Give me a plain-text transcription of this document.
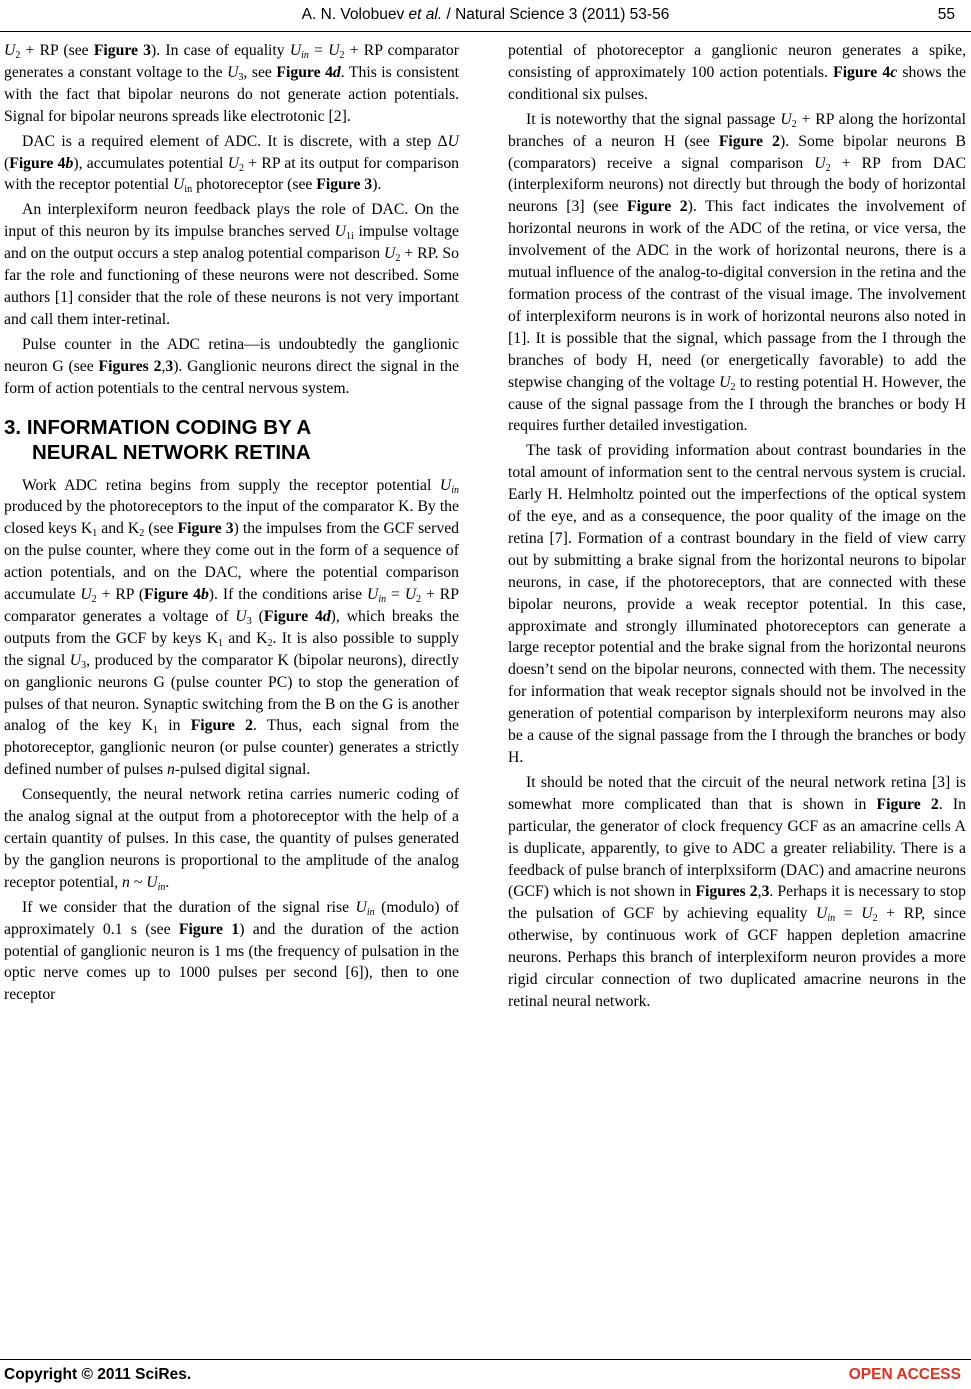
A. N. Volobuev et al. / Natural Science 3 (2011) 53-56	55

$U_2$ + RP (see Figure 3). In case of equality $U_{in} = U_2$ + RP comparator generates a constant voltage to the $U_3$, see Figure 4d. This is consistent with the fact that bipolar neurons do not generate action potentials. Signal for bipolar neurons spreads like electrotonic [2].

DAC is a required element of ADC. It is discrete, with a step ΔU (Figure 4b), accumulates potential $U_2$ + RP at its output for comparison with the receptor potential $U_{in}$ photoreceptor (see Figure 3).

An interplexiform neuron feedback plays the role of DAC. On the input of this neuron by its impulse branches served $U_{1i}$ impulse voltage and on the output occurs a step analog potential comparison $U_2$ + RP. So far the role and functioning of these neurons were not described. Some authors [1] consider that the role of these neurons is not very important and call them inter-retinal.

Pulse counter in the ADC retina—is undoubtedly the ganglionic neuron G (see Figures 2,3). Ganglionic neurons direct the signal in the form of action potentials to the central nervous system.

3. INFORMATION CODING BY A
NEURAL NETWORK RETINA

Work ADC retina begins from supply the receptor potential $U_{in}$ produced by the photoreceptors to the input of the comparator K. By the closed keys $K_1$ and $K_2$ (see Figure 3) the impulses from the GCF served on the pulse counter, where they come out in the form of a sequence of action potentials, and on the DAC, where the potential comparison accumulate $U_2$ + RP (Figure 4b). If the conditions arise $U_{in} = U_2$ + RP comparator generates a voltage of $U_3$ (Figure 4d), which breaks the outputs from the GCF by keys $K_1$ and $K_2$. It is also possible to supply the signal $U_3$, produced by the comparator K (bipolar neurons), directly on ganglionic neurons G (pulse counter PC) to stop the generation of pulses of that neuron. Synaptic switching from the B on the G is another analog of the key $K_1$ in Figure 2. Thus, each signal from the photoreceptor, ganglionic neuron (or pulse counter) generates a strictly defined number of pulses n-pulsed digital signal.

Consequently, the neural network retina carries numeric coding of the analog signal at the output from a photoreceptor with the help of a certain quantity of pulses. In this case, the quantity of pulses generated by the ganglion neurons is proportional to the amplitude of the analog receptor potential, n ~ $U_{in}$.

If we consider that the duration of the signal rise $U_{in}$ (modulo) of approximately 0.1 s (see Figure 1) and the duration of the action potential of ganglionic neuron is 1 ms (the frequency of pulsation in the optic nerve comes up to 1000 pulses per second [6]), then to one receptor

potential of photoreceptor a ganglionic neuron generates a spike, consisting of approximately 100 action potentials. Figure 4c shows the conditional six pulses.

It is noteworthy that the signal passage $U_2$ + RP along the horizontal branches of a neuron H (see Figure 2). Some bipolar neurons B (comparators) receive a signal comparison $U_2$ + RP from DAC (interplexiform neurons) not directly but through the body of horizontal neurons [3] (see Figure 2). This fact indicates the involvement of horizontal neurons in work of the ADC of the retina, or vice versa, the involvement of the ADC in the work of horizontal neurons, there is a mutual influence of the analog-to-digital conversion in the retina and the formation process of the contrast of the visual image. The involvement of interplexiform neurons is in work of horizontal neurons also noted in [1]. It is possible that the signal, which passage from the I through the branches of body H, need (or energetically favorable) to add the stepwise changing of the voltage $U_2$ to resting potential H. However, the cause of the signal passage from the I through the branches or body H requires further detailed investigation.

The task of providing information about contrast boundaries in the total amount of information sent to the central nervous system is crucial. Early H. Helmholtz pointed out the imperfections of the optical system of the eye, and as a consequence, the poor quality of the image on the retina [7]. Formation of a contrast boundary in the field of view carry out by submitting a brake signal from the horizontal neurons to bipolar neurons, in case, if the photoreceptors, that are connected with these bipolar neurons, provide a weak receptor potential. In this case, approximate and strongly illuminated photoreceptors can generate a large receptor potential and the brake signal from the horizontal neurons doesn’t send on the bipolar neurons, connected with them. The necessity for information that weak receptor signals should not be involved in the generation of potential comparison by interplexiform neurons may also be a cause of the signal passage from the I through the branches or body H.

It should be noted that the circuit of the neural network retina [3] is somewhat more complicated than that is shown in Figure 2. In particular, the generator of clock frequency GCF as an amacrine cells A is duplicate, apparently, to give to ADC a greater reliability. There is a feedback of pulse branch of interplxsiform (DAC) and amacrine neurons (GCF) which is not shown in Figures 2,3. Perhaps it is necessary to stop the pulsation of GCF by achieving equality $U_{in} = U_2$ + RP, since otherwise, by continuous work of GCF happen depletion amacrine neurons. Perhaps this branch of interplexiform neuron provides a more rigid circular connection of two duplicated amacrine neurons in the retinal neural network.

Copyright © 2011 SciRes.	OPEN ACCESS
